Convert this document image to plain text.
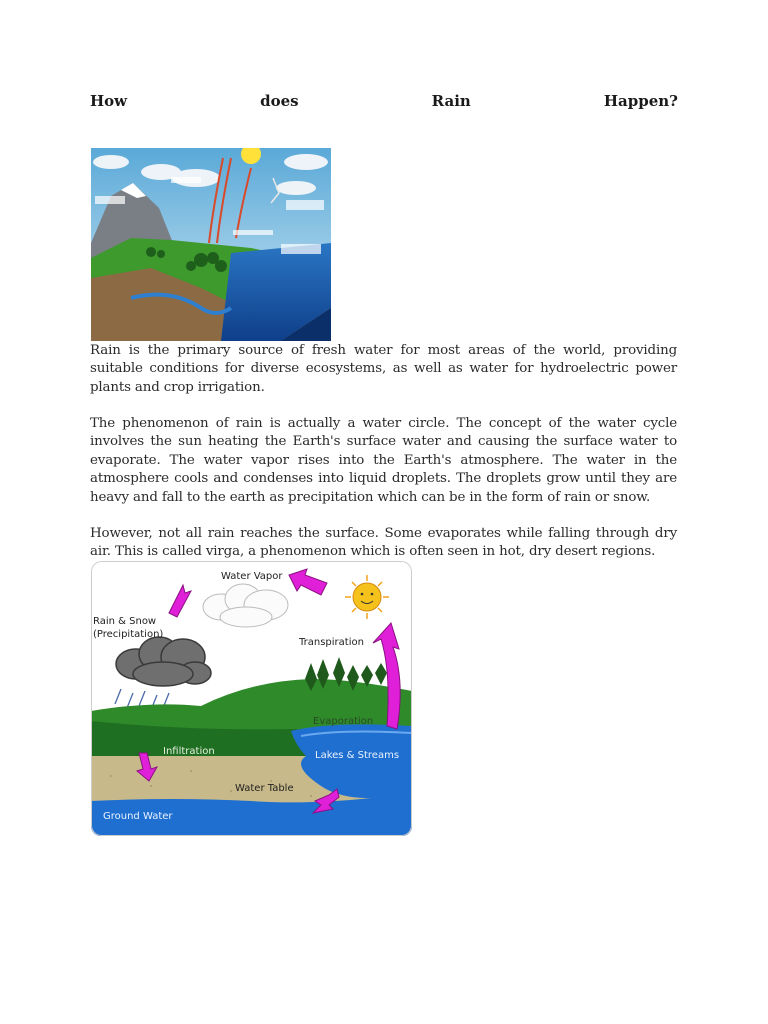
How	does	Rain	Happen?

Rain is the primary source of fresh water for most areas of the world, providing suitable conditions for diverse ecosystems, as well as water for hydroelectric power plants and crop irrigation.

The phenomenon of rain is actually a water circle. The concept of the water cycle involves the sun heating the Earth's surface water and causing the surface water to evaporate. The water vapor rises into the Earth's atmosphere. The water in the atmosphere cools and condenses into liquid droplets. The droplets grow until they are heavy and fall to the earth as precipitation which can be in the form of rain or snow.

However, not all rain reaches the surface. Some evaporates while falling through dry air. This is called virga, a phenomenon which is often seen in hot, dry desert regions.

Water Vapor
Rain & Snow
(Precipitation)
Transpiration
Evaporation
Infiltration	Lakes & Streams
Water Table
Ground Water
